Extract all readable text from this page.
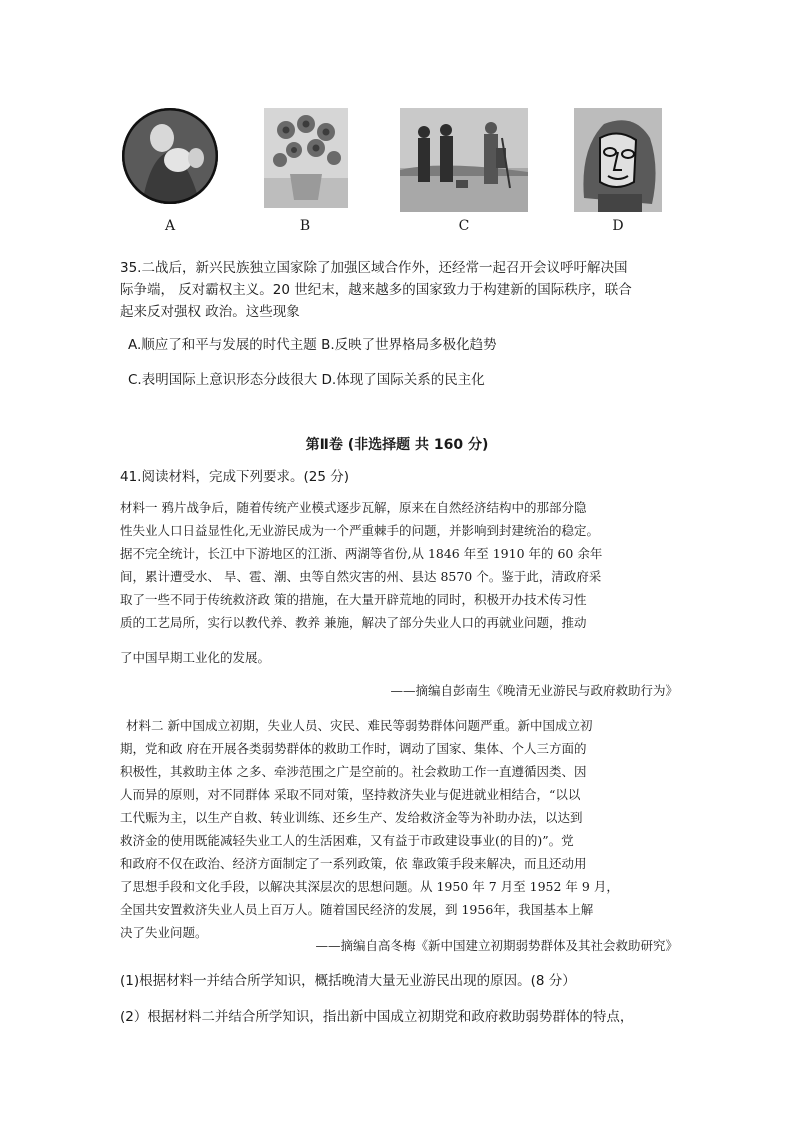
A	B	C	D
35.二战后，新兴民族独立国家除了加强区域合作外，还经常一起召开会议呼吁解决国
际争端， 反对霸权主义。20 世纪末，越来越多的国家致力于构建新的国际秩序，联合
起来反对强权 政治。这些现象
A.顺应了和平与发展的时代主题 B.反映了世界格局多极化趋势
C.表明国际上意识形态分歧很大 D.体现了国际关系的民主化
第Ⅱ卷 (非选择题 共 160 分)
41.阅读材料，完成下列要求。(25 分)
材料一 鸦片战争后，随着传统产业模式逐步瓦解，原来在自然经济结构中的那部分隐
性失业人口日益显性化,无业游民成为一个严重棘手的问题，并影响到封建统治的稳定。
据不完全统计，长江中下游地区的江浙、两湖等省份,从 1846 年至 1910 年的 60 余年
间，累计遭受水、 旱、雹、潮、虫等自然灾害的州、县达 8570 个。鉴于此，清政府采
取了一些不同于传统救济政 策的措施，在大量开辟荒地的同时，积极开办技术传习性
质的工艺局所，实行以教代养、教养 兼施，解决了部分失业人口的再就业问题，推动
了中国早期工业化的发展。
——摘编自彭南生《晚清无业游民与政府救助行为》
材料二 新中国成立初期，失业人员、灾民、难民等弱势群体问题严重。新中国成立初
期，党和政 府在开展各类弱势群体的救助工作时，调动了国家、集体、个人三方面的
积极性，其救助主体 之多、牵涉范围之广是空前的。社会救助工作一直遵循因类、因
人而异的原则，对不同群体 采取不同对策，坚持救济失业与促进就业相结合，“以以
工代赈为主，以生产自救、转业训练、还乡生产、发给救济金等为补助办法，以达到
救济金的使用既能减轻失业工人的生活困难，又有益于市政建设事业(的目的)”。党
和政府不仅在政治、经济方面制定了一系列政策，依 靠政策手段来解决，而且还动用
了思想手段和文化手段，以解决其深层次的思想问题。从 1950 年 7 月至 1952 年 9 月，
全国共安置救济失业人员上百万人。随着国民经济的发展，到 1956年，我国基本上解
决了失业问题。
——摘编自高冬梅《新中国建立初期弱势群体及其社会救助研究》
(1)根据材料一并结合所学知识，概括晚清大量无业游民出现的原因。(8 分）
(2）根据材料二并结合所学知识，指出新中国成立初期党和政府救助弱势群体的特点，
